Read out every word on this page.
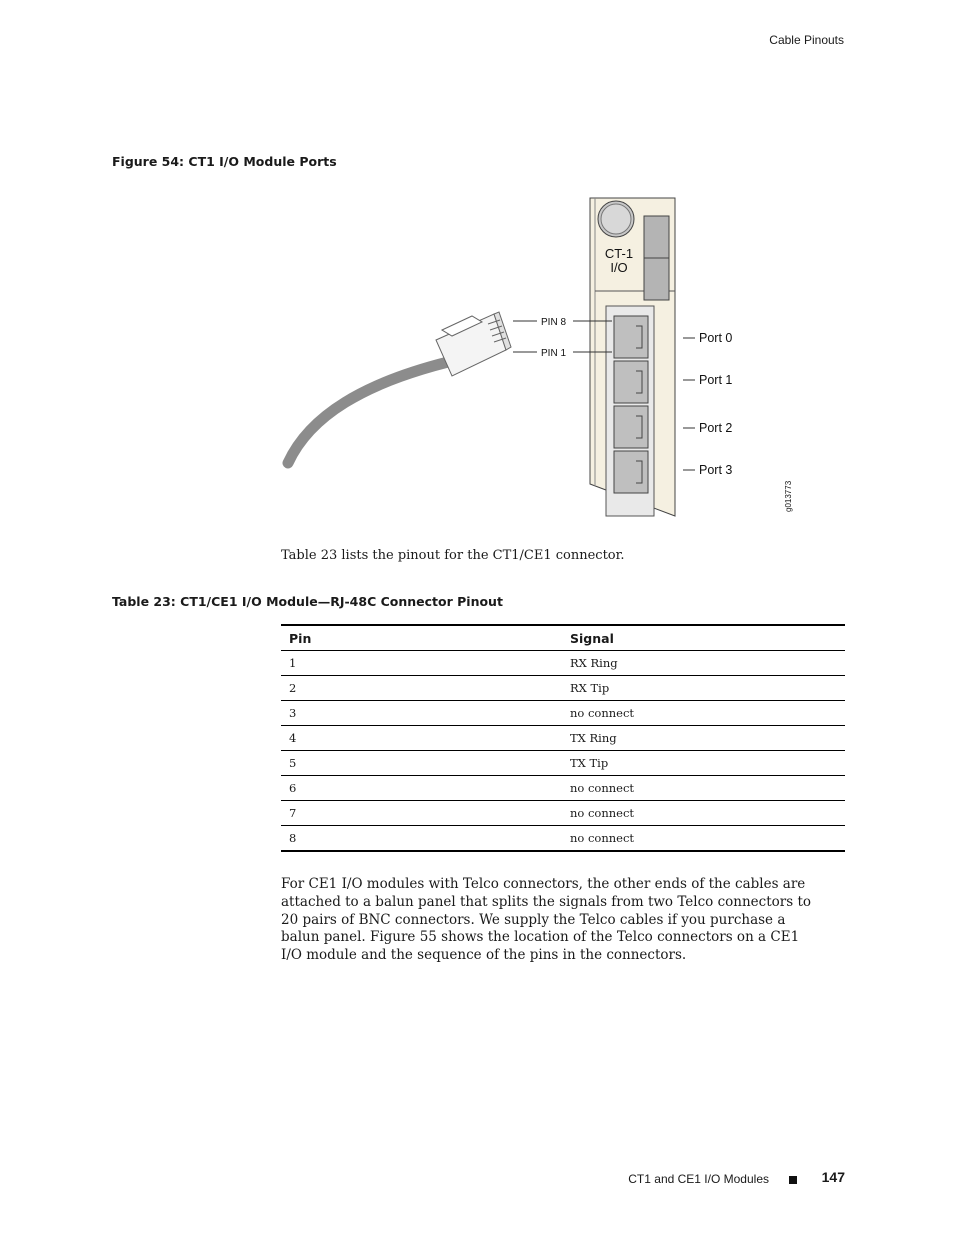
Cable Pinouts
Figure 54: CT1 I/O Module Ports
CT-1
I/O
PIN 8
PIN 1
Port 0
Port 1
Port 2
Port 3
g013773
Table 23 lists the pinout for the CT1/CE1 connector.
Table 23: CT1/CE1 I/O Module—RJ-48C Connector Pinout
Pin	Signal
1	RX Ring
2	RX Tip
3	no connect
4	TX Ring
5	TX Tip
6	no connect
7	no connect
8	no connect
For CE1 I/O modules with Telco connectors, the other ends of the cables are attached to a balun panel that splits the signals from two Telco connectors to 20 pairs of BNC connectors. We supply the Telco cables if you purchase a balun panel. Figure 55 shows the location of the Telco connectors on a CE1 I/O module and the sequence of the pins in the connectors.
CT1 and CE1 I/O Modules	147
